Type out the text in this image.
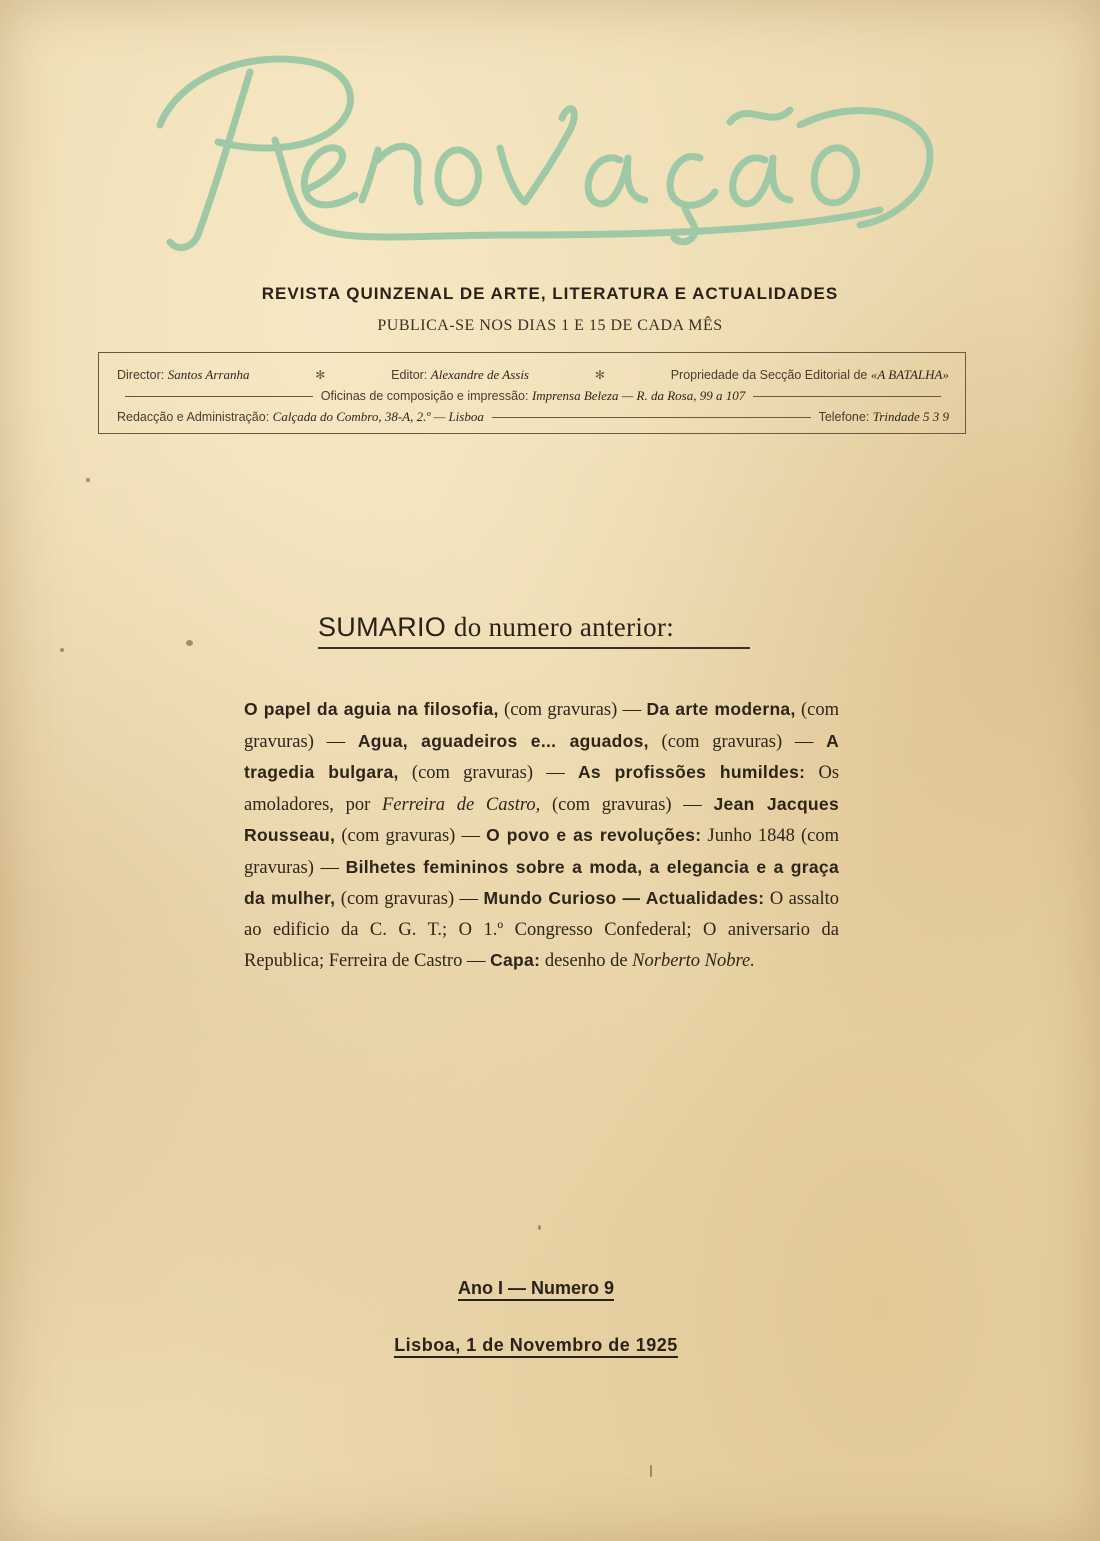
REVISTA QUINZENAL DE ARTE, LITERATURA E ACTUALIDADES
PUBLICA-SE NOS DIAS 1 E 15 DE CADA MÊS
Director: Santos Arranha	✻	Editor: Alexandre de Assis	✻	Propriedade da Secção Editorial de «A BATALHA»
Oficinas de composição e impressão:
Imprensa Beleza — R. da Rosa, 99 a 107
Redacção e Administração:
Calçada do Combro, 38-A, 2.º — Lisboa	Telefone:
Trindade 5 3 9
SUMARIO do numero anterior:
O papel da aguia na filosofia, (com gravuras) — Da arte moderna, (com gravuras) — Agua, aguadeiros e... aguados, (com gravuras) — A tragedia bulgara, (com gravuras) — As profissões humildes: Os amoladores, por Ferreira de Castro, (com gravuras) — Jean Jacques Rousseau, (com gravuras) — O povo e as revoluções: Junho 1848 (com gravuras) — Bilhetes femininos sobre a moda, a elegancia e a graça da mulher, (com gravuras) — Mundo Curioso — Actualidades: O assalto ao edificio da C. G. T.; O 1.º Congresso Confederal; O aniversario da Republica; Ferreira de Castro — Capa: desenho de Norberto Nobre.
Ano I — Numero 9
Lisboa, 1 de Novembro de 1925
